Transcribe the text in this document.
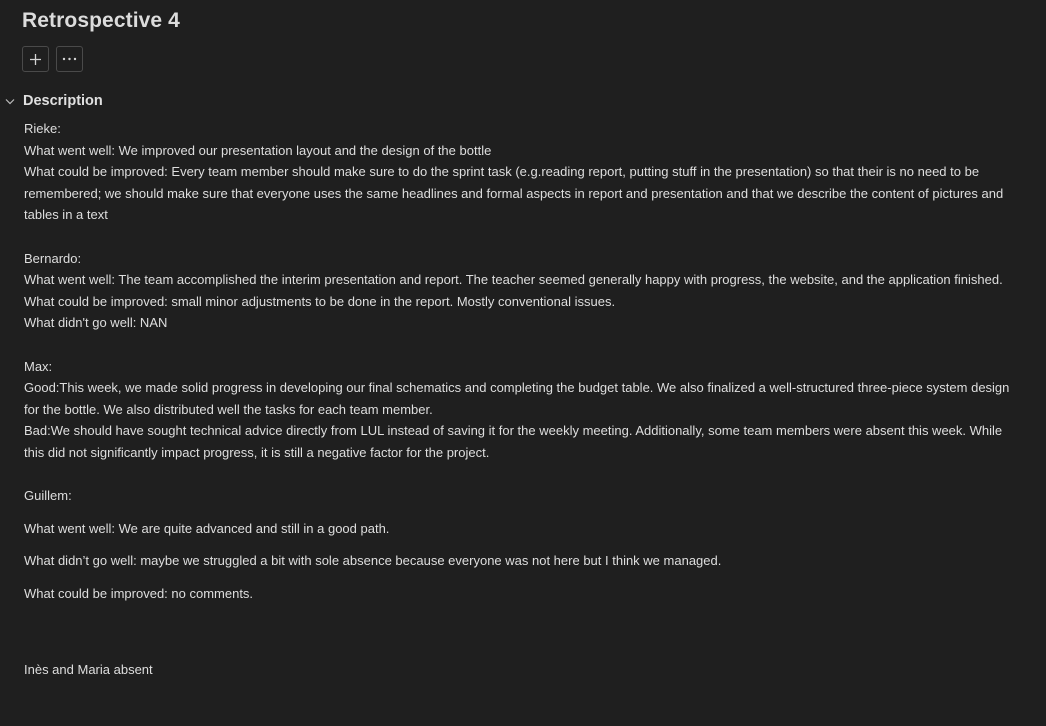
Retrospective 4
Description

Rieke:

What went well: We improved our presentation layout and the design of the bottle

What could be improved: Every team member should make sure to do the sprint task (e.g.reading report, putting stuff in the presentation) so that their is no need to be remembered; we should make sure that everyone uses the same headlines and formal aspects in report and presentation and that we describe the content of pictures and tables in a text

Bernardo:

What went well: The team accomplished the interim presentation and report. The teacher seemed generally happy with progress, the website, and the application finished.

What could be improved: small minor adjustments to be done in the report. Mostly conventional issues.

What didn't go well: NAN

Max:

Good:This week, we made solid progress in developing our final schematics and completing the budget table. We also finalized a well-structured three-piece system design for the bottle. We also distributed well the tasks for each team member.

Bad:We should have sought technical advice directly from LUL instead of saving it for the weekly meeting. Additionally, some team members were absent this week. While this did not significantly impact progress, it is still a negative factor for the project.

Guillem:

What went well: We are quite advanced and still in a good path.

What didn’t go well: maybe we struggled a bit with sole absence because everyone was not here but I think we managed.

What could be improved: no comments.

Inès and Maria absent
